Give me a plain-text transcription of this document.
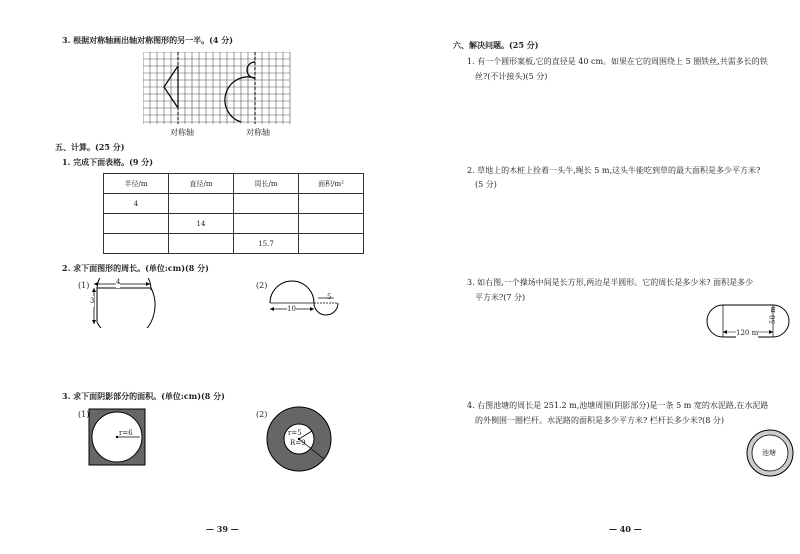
3. 根据对称轴画出轴对称图形的另一半。(4 分)
对称轴	对称轴
五、计算。(25 分)
1. 完成下面表格。(9 分)
半径/m	直径/m	周长/m	面积/m²
4			
	14		
		15.7	
2. 求下面图形的周长。(单位:cm)(8 分)
(1)	4
3
(2)
10
5
3. 求下面阴影部分的面积。(单位:cm)(8 分)
(1)
r=6
(2)
r=5
R=9
— 39 —
六、解决问题。(25 分)
1. 有一个圆形案板,它的直径是 40 cm。如果在它的周围绕上 5 圈铁丝,共需多长的铁
丝?(不计接头)(5 分)
2. 草地上的木桩上拴着一头牛,绳长 5 m,这头牛能吃到草的最大面积是多少平方米?
(5 分)
3. 如右图,一个操场中间是长方形,两边是半圆形。它的周长是多少米? 面积是多少
平方米?(7 分)
120 m
50 m
4. 右图池塘的周长是 251.2 m,池塘周围(阴影部分)是一条 5 m 宽的水泥路,在水泥路
的外侧围一圈栏杆。水泥路的面积是多少平方米? 栏杆长多少米?(8 分)
池塘
— 40 —
